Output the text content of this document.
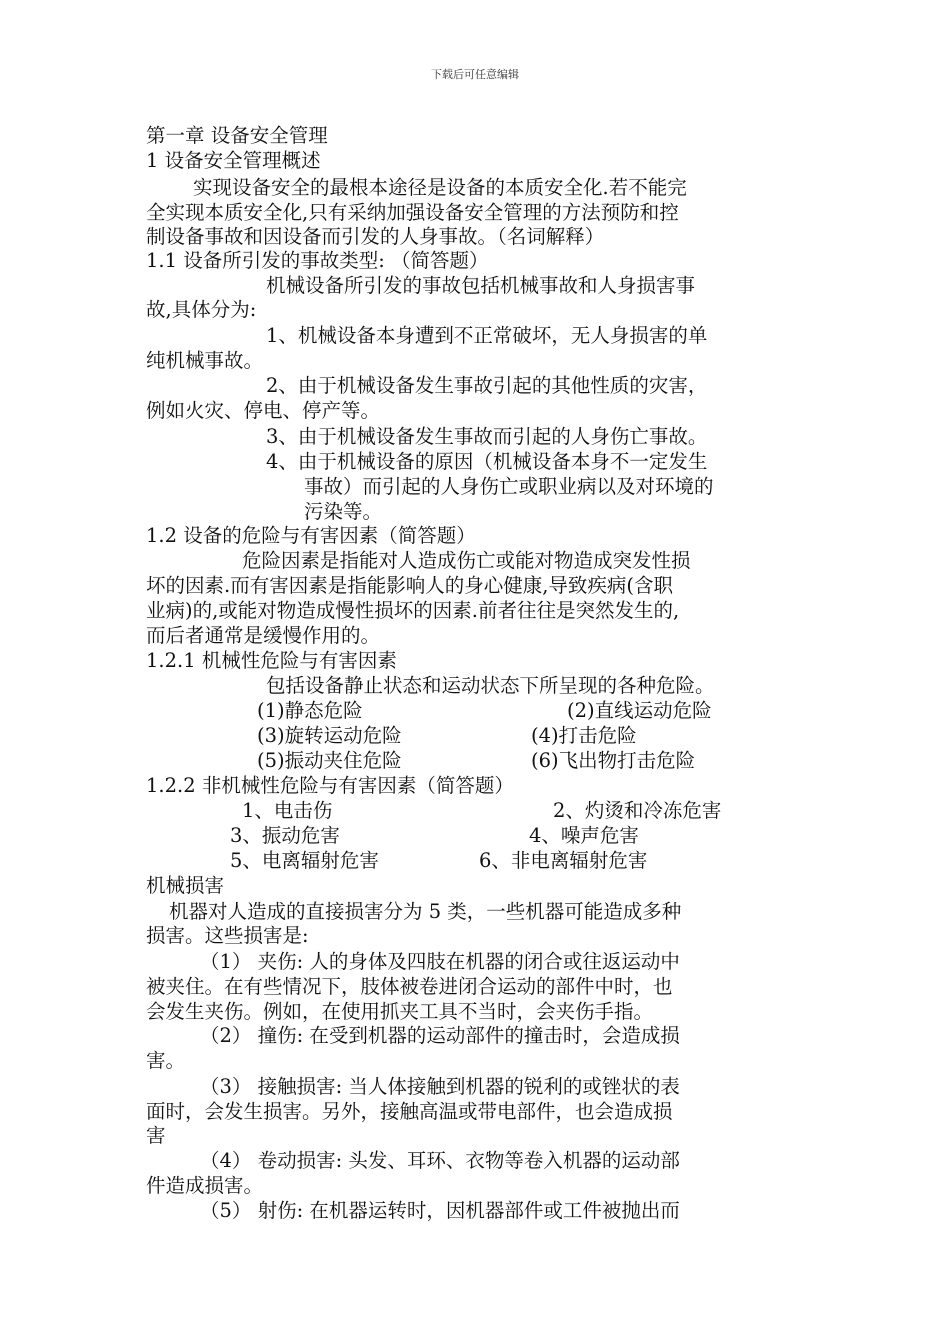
下载后可任意编辑
第一章 设备安全管理
1 设备安全管理概述
实现设备安全的最根本途径是设备的本质安全化.若不能完
全实现本质安全化,只有采纳加强设备安全管理的方法预防和控
制设备事故和因设备而引发的人身事故。（名词解释）
1.1 设备所引发的事故类型: （简答题）
机械设备所引发的事故包括机械事故和人身损害事
故,具体分为:
1、机械设备本身遭到不正常破坏，无人身损害的单
纯机械事故。
2、由于机械设备发生事故引起的其他性质的灾害，
例如火灾、停电、停产等。
3、由于机械设备发生事故而引起的人身伤亡事故。
4、由于机械设备的原因（机械设备本身不一定发生
事故）而引起的人身伤亡或职业病以及对环境的
污染等。
1.2 设备的危险与有害因素（简答题）
危险因素是指能对人造成伤亡或能对物造成突发性损
坏的因素.而有害因素是指能影响人的身心健康,导致疾病(含职
业病)的,或能对物造成慢性损坏的因素.前者往往是突然发生的,
而后者通常是缓慢作用的。
1.2.1 机械性危险与有害因素
包括设备静止状态和运动状态下所呈现的各种危险。
(1)静态危险	(2)直线运动危险
(3)旋转运动危险	(4)打击危险
(5)振动夹住危险	(6)飞出物打击危险
1.2.2 非机械性危险与有害因素（简答题）
1、电击伤	2、灼烫和冷冻危害
3、振动危害	4、噪声危害
5、电离辐射危害	6、非电离辐射危害
机械损害
机器对人造成的直接损害分为 5 类，一些机器可能造成多种
损害。这些损害是:
（1） 夹伤: 人的身体及四肢在机器的闭合或往返运动中
被夹住。在有些情况下，肢体被卷进闭合运动的部件中时，也
会发生夹伤。例如，在使用抓夹工具不当时，会夹伤手指。
（2） 撞伤: 在受到机器的运动部件的撞击时，会造成损
害。
（3） 接触损害: 当人体接触到机器的锐利的或锉状的表
面时，会发生损害。另外，接触高温或带电部件，也会造成损
害
（4） 卷动损害: 头发、耳环、衣物等卷入机器的运动部
件造成损害。
（5） 射伤: 在机器运转时，因机器部件或工件被抛出而
